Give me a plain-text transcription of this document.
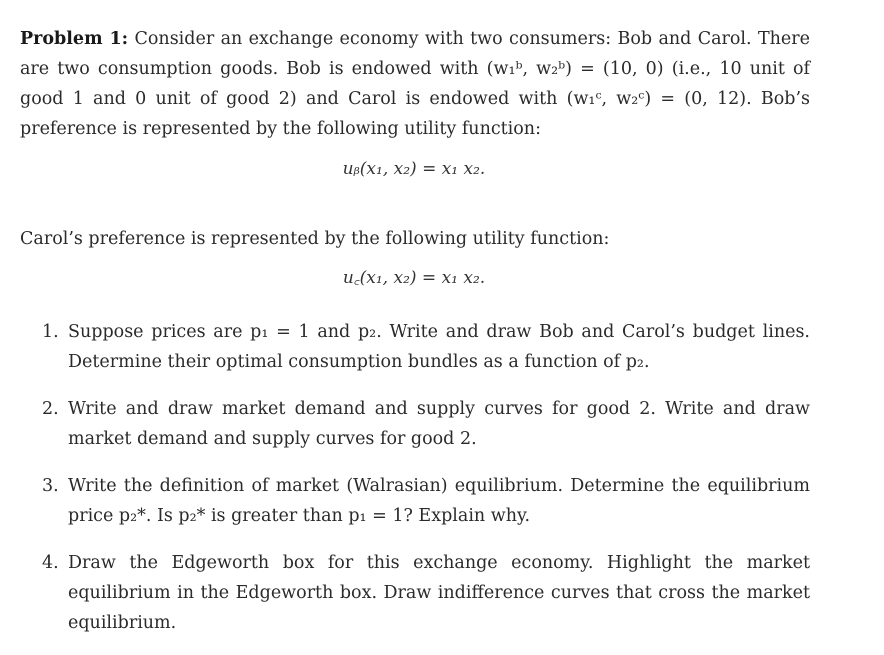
Problem 1: Consider an exchange economy with two consumers: Bob and Carol. There are two consumption goods. Bob is endowed with (w₁ᵇ, w₂ᵇ) = (10, 0) (i.e., 10 unit of good 1 and 0 unit of good 2) and Carol is endowed with (w₁ᶜ, w₂ᶜ) = (0, 12). Bob’s preference is represented by the following utility function:

uᵦ(x₁, x₂) = x₁ x₂.

Carol’s preference is represented by the following utility function:

u꜀(x₁, x₂) = x₁ x₂.
1. Suppose prices are p₁ = 1 and p₂. Write and draw Bob and Carol’s budget lines. Determine their optimal consumption bundles as a function of p₂.
2. Write and draw market demand and supply curves for good 2. Write and draw market demand and supply curves for good 2.
3. Write the definition of market (Walrasian) equilibrium. Determine the equilibrium price p₂*. Is p₂* is greater than p₁ = 1? Explain why.
4. Draw the Edgeworth box for this exchange economy. Highlight the market equilibrium in the Edgeworth box. Draw indifference curves that cross the market equilibrium.
